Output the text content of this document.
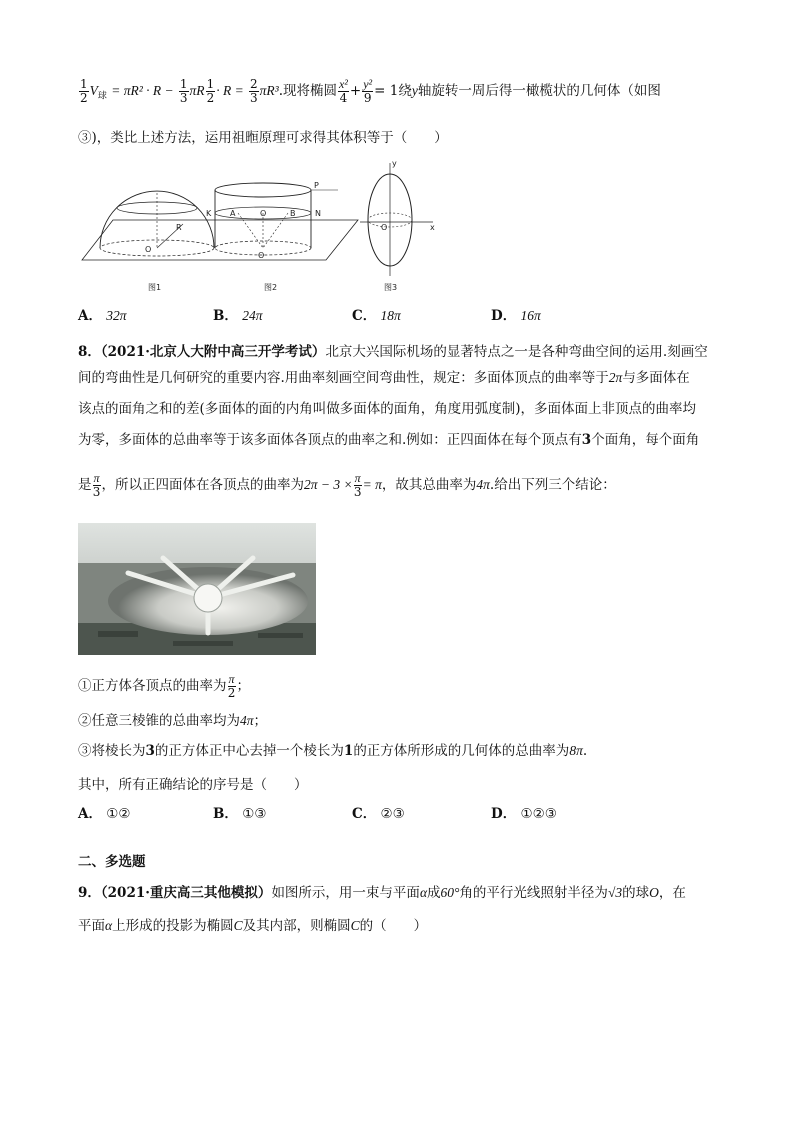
$\frac{1}{2} V_球 = \pi R^2 \cdot R - \frac{1}{3}$ πR $\frac{1}{2} \cdot R = \frac{2}{3} \pi R^3$.现将椭圆 $\frac{\text{x²}}{4} + \frac{\text{y²}}{9} = 1$绕y轴旋转一周后得一橄榄状的几何体（如图
③)，类比上述方法，运用祖暅原理可求得其体积等于（　　）
R
O
P
K A	O	B N
O
y
x
O
图1	图2	图3
A． 32π	B． 24π	C． 18π	D． 16π
8．（2021·北京人大附中高三开学考试）北京大兴国际机场的显著特点之一是各种弯曲空间的运用.刻画空
间的弯曲性是几何研究的重要内容.用曲率刻画空间弯曲性，规定：多面体顶点的曲率等于2π与多面体在
该点的面角之和的差(多面体的面的内角叫做多面体的面角，角度用弧度制)，多面体面上非顶点的曲率均
为零，多面体的总曲率等于该多面体各顶点的曲率之和.例如：正四面体在每个顶点有3个面角，每个面角
是 $\frac{\pi}{3}$ ，所以正四面体在各顶点的曲率为$2\pi - 3 \times \frac{\pi}{3} = \pi$，故其总曲率为4π.给出下列三个结论：
①正方体各顶点的曲率为 $\frac{\pi}{2}$ ；
②任意三棱锥的总曲率均为4π；
③将棱长为3的正方体正中心去掉一个棱长为1的正方体所形成的几何体的总曲率为8π.
其中，所有正确结论的序号是（　　）
A． ①②	B． ①③	C． ②③	D． ①②③
二、多选题
9．（2021·重庆高三其他模拟）如图所示，用一束与平面α成60°角的平行光线照射半径为√3的球O，在
平面α上形成的投影为椭圆C及其内部，则椭圆C的（　　）
